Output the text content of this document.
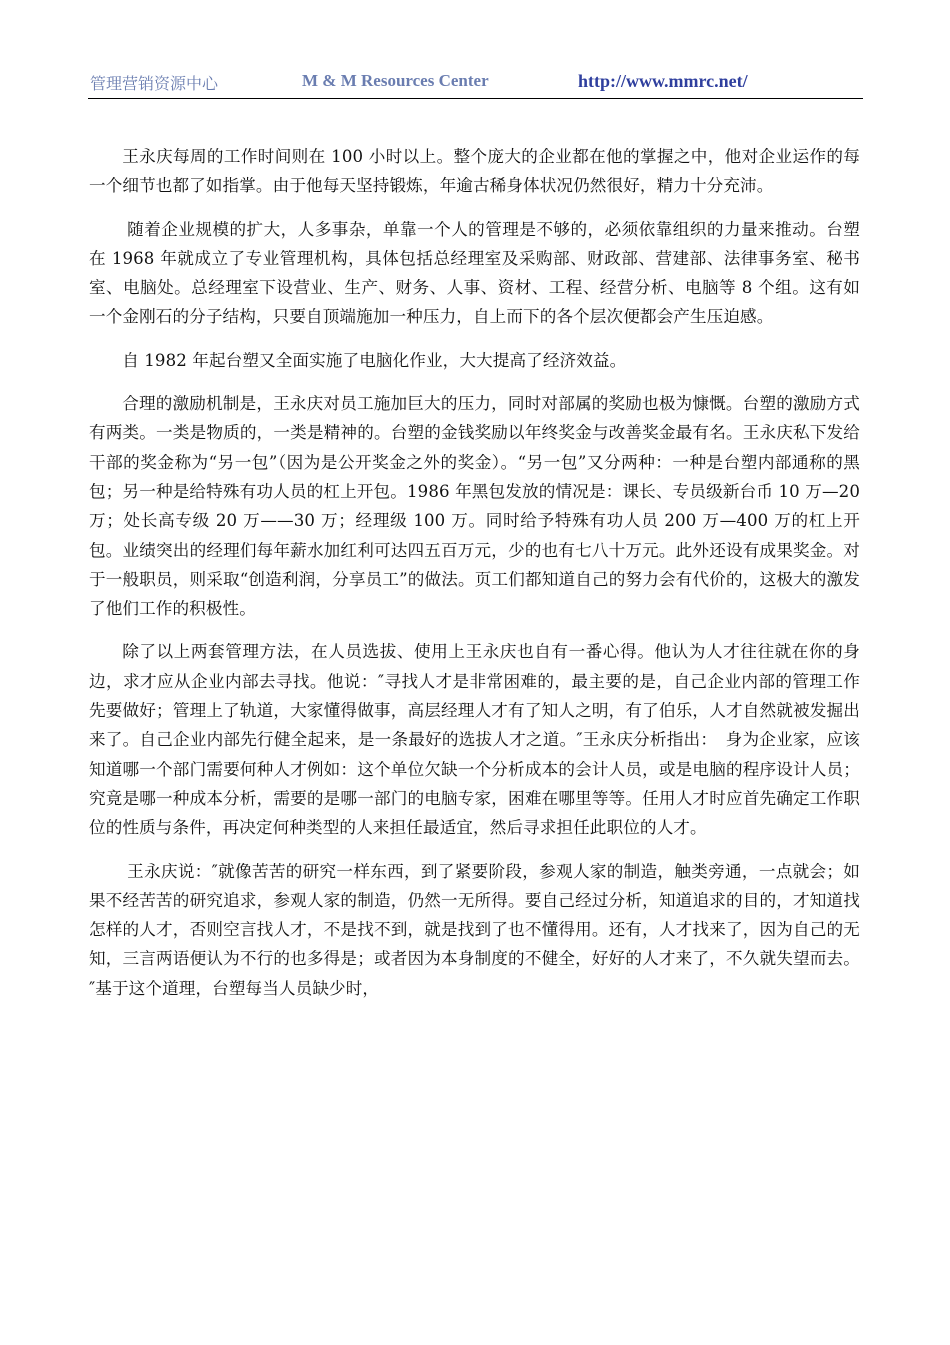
管理营销资源中心	M & M Resources Center	http://www.mmrc.net/

王永庆每周的工作时间则在 100 小时以上。整个庞大的企业都在他的掌握之中，他对企业运作的每一个细节也都了如指掌。由于他每天坚持锻炼，年逾古稀身体状况仍然很好，精力十分充沛。

随着企业规模的扩大，人多事杂，单靠一个人的管理是不够的，必须依靠组织的力量来推动。台塑在 1968 年就成立了专业管理机构，具体包括总经理室及采购部、财政部、营建部、法律事务室、秘书室、电脑处。总经理室下设营业、生产、财务、人事、资材、工程、经营分析、电脑等 8 个组。这有如一个金刚石的分子结构，只要自顶端施加一种压力，自上而下的各个层次便都会产生压迫感。

自 1982 年起台塑又全面实施了电脑化作业，大大提高了经济效益。

合理的激励机制是，王永庆对员工施加巨大的压力，同时对部属的奖励也极为慷慨。台塑的激励方式有两类。一类是物质的，一类是精神的。台塑的金钱奖励以年终奖金与改善奖金最有名。王永庆私下发给干部的奖金称为“另一包”（因为是公开奖金之外的奖金）。“另一包”又分两种：一种是台塑内部通称的黑包；另一种是给特殊有功人员的杠上开包。1986 年黑包发放的情况是：课长、专员级新台币 10 万—20 万；处长高专级 20 万——30 万；经理级 100 万。同时给予特殊有功人员 200 万—400 万的杠上开包。业绩突出的经理们每年薪水加红利可达四五百万元，少的也有七八十万元。此外还设有成果奖金。对于一般职员，则采取“创造利润，分享员工”的做法。页工们都知道自己的努力会有代价的，这极大的激发了他们工作的积极性。

除了以上两套管理方法，在人员选拔、使用上王永庆也自有一番心得。他认为人才往往就在你的身边，求才应从企业内部去寻找。他说：″寻找人才是非常困难的，最主要的是，自己企业内部的管理工作先要做好；管理上了轨道，大家懂得做事，高层经理人才有了知人之明，有了伯乐，人才自然就被发掘出来了。自己企业内部先行健全起来，是一条最好的选拔人才之道。″王永庆分析指出：　身为企业家，应该知道哪一个部门需要何种人才例如：这个单位欠缺一个分析成本的会计人员，或是电脑的程序设计人员；究竟是哪一种成本分析，需要的是哪一部门的电脑专家，困难在哪里等等。任用人才时应首先确定工作职位的性质与条件，再决定何种类型的人来担任最适宜，然后寻求担任此职位的人才。

王永庆说：″就像苦苦的研究一样东西，到了紧要阶段，参观人家的制造，触类旁通，一点就会；如果不经苦苦的研究追求，参观人家的制造，仍然一无所得。要自己经过分析，知道追求的目的，才知道找怎样的人才，否则空言找人才，不是找不到，就是找到了也不懂得用。还有，人才找来了，因为自己的无知，三言两语便认为不行的也多得是；或者因为本身制度的不健全，好好的人才来了，不久就失望而去。″基于这个道理，台塑每当人员缺少时，
